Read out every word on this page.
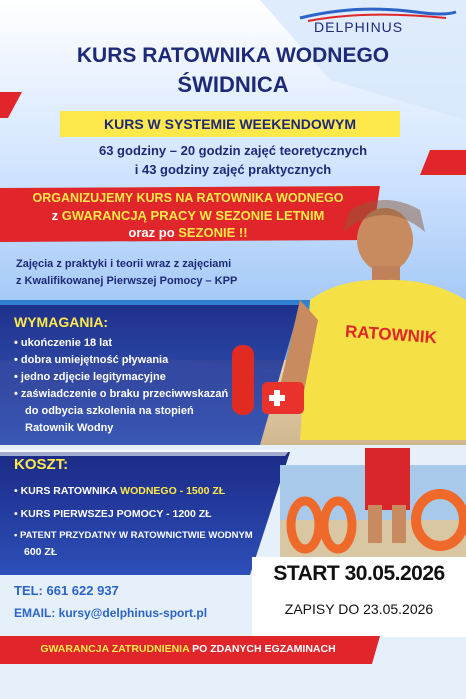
DELPHINUS
KURS RATOWNIKA WODNEGO
ŚWIDNICA
KURS W SYSTEMIE WEEKENDOWYM
63 godziny – 20 godzin zajęć teoretycznych
i 43 godziny zajęć praktycznych
ORGANIZUJEMY KURS NA RATOWNIKA WODNEGO
z GWARANCJĄ PRACY W SEZONIE LETNIM
oraz po SEZONIE !!
Zajęcia z praktyki i teorii wraz z zajęciami
z Kwalifikowanej Pierwszej Pomocy – KPP
RATOWNIK
WYMAGANIA:
• ukończenie 18 lat
• dobra umiejętność pływania
• jedno zdjęcie legitymacyjne
• zaświadczenie o braku przeciwwskazań
do odbycia szkolenia na stopień
Ratownik Wodny
KOSZT:
• KURS RATOWNIKA WODNEGO - 1500 ZŁ
• KURS PIERWSZEJ POMOCY - 1200 ZŁ
• PATENT PRZYDATNY W RATOWNICTWIE WODNYM
600 ZŁ
TEL: 661 622 937
EMAIL: kursy@delphinus-sport.pl
START 30.05.2026
ZAPISY DO 23.05.2026
GWARANCJA ZATRUDNIENIA PO ZDANYCH EGZAMINACH
